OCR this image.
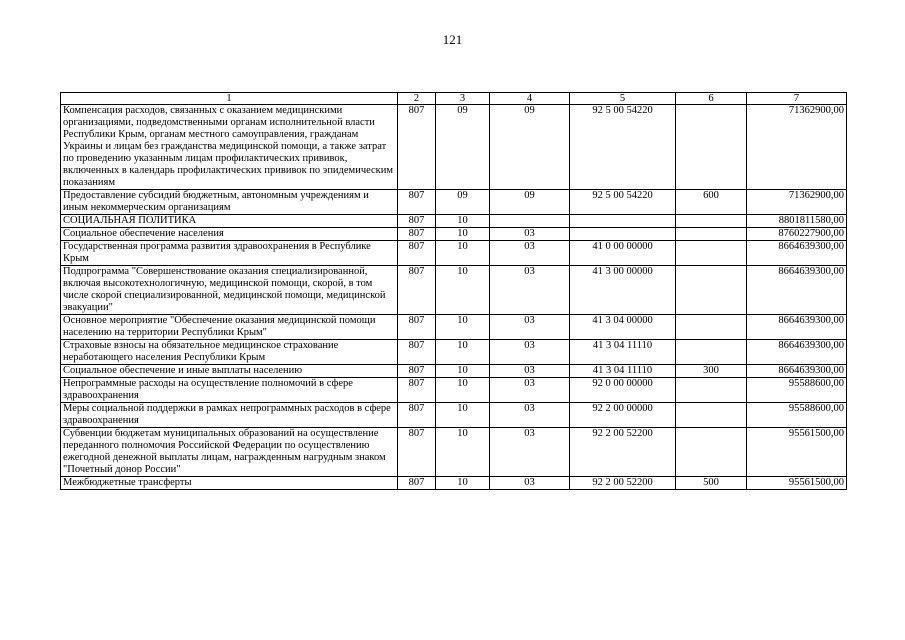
121
1	2	3	4	5	6	7
Компенсация расходов, связанных с оказанием медицинскими организациями, подведомственными органам исполнительной власти Республики Крым, органам местного самоуправления, гражданам Украины и лицам без гражданства медицинской помощи, а также затрат по проведению указанным лицам профилактических прививок, включенных в календарь профилактических прививок по эпидемическим показаниям	807	09	09	92 5 00 54220		71362900,00
Предоставление субсидий бюджетным, автономным учреждениям и иным некоммерческим организациям	807	09	09	92 5 00 54220	600	71362900,00
СОЦИАЛЬНАЯ ПОЛИТИКА	807	10				8801811580,00
Социальное обеспечение населения	807	10	03			8760227900,00
Государственная программа развития здравоохранения в Республике Крым	807	10	03	41 0 00 00000		8664639300,00
Подпрограмма "Совершенствование оказания специализированной, включая высокотехнологичную, медицинской помощи, скорой, в том числе скорой специализированной, медицинской помощи, медицинской эвакуации"	807	10	03	41 3 00 00000		8664639300,00
Основное мероприятие "Обеспечение оказания медицинской помощи населению на территории Республики Крым"	807	10	03	41 3 04 00000		8664639300,00
Страховые взносы на обязательное медицинское страхование неработающего населения Республики Крым	807	10	03	41 3 04 11110		8664639300,00
Социальное обеспечение и иные выплаты населению	807	10	03	41 3 04 11110	300	8664639300,00
Непрограммные расходы на осуществление полномочий в сфере здравоохранения	807	10	03	92 0 00 00000		95588600,00
Меры социальной поддержки в рамках непрограммных расходов в сфере здравоохранения	807	10	03	92 2 00 00000		95588600,00
Субвенции бюджетам муниципальных образований на осуществление переданного полномочия Российской Федерации по осуществлению ежегодной денежной выплаты лицам, награжденным нагрудным знаком "Почетный донор России"	807	10	03	92 2 00 52200		95561500,00
Межбюджетные трансферты	807	10	03	92 2 00 52200	500	95561500,00
